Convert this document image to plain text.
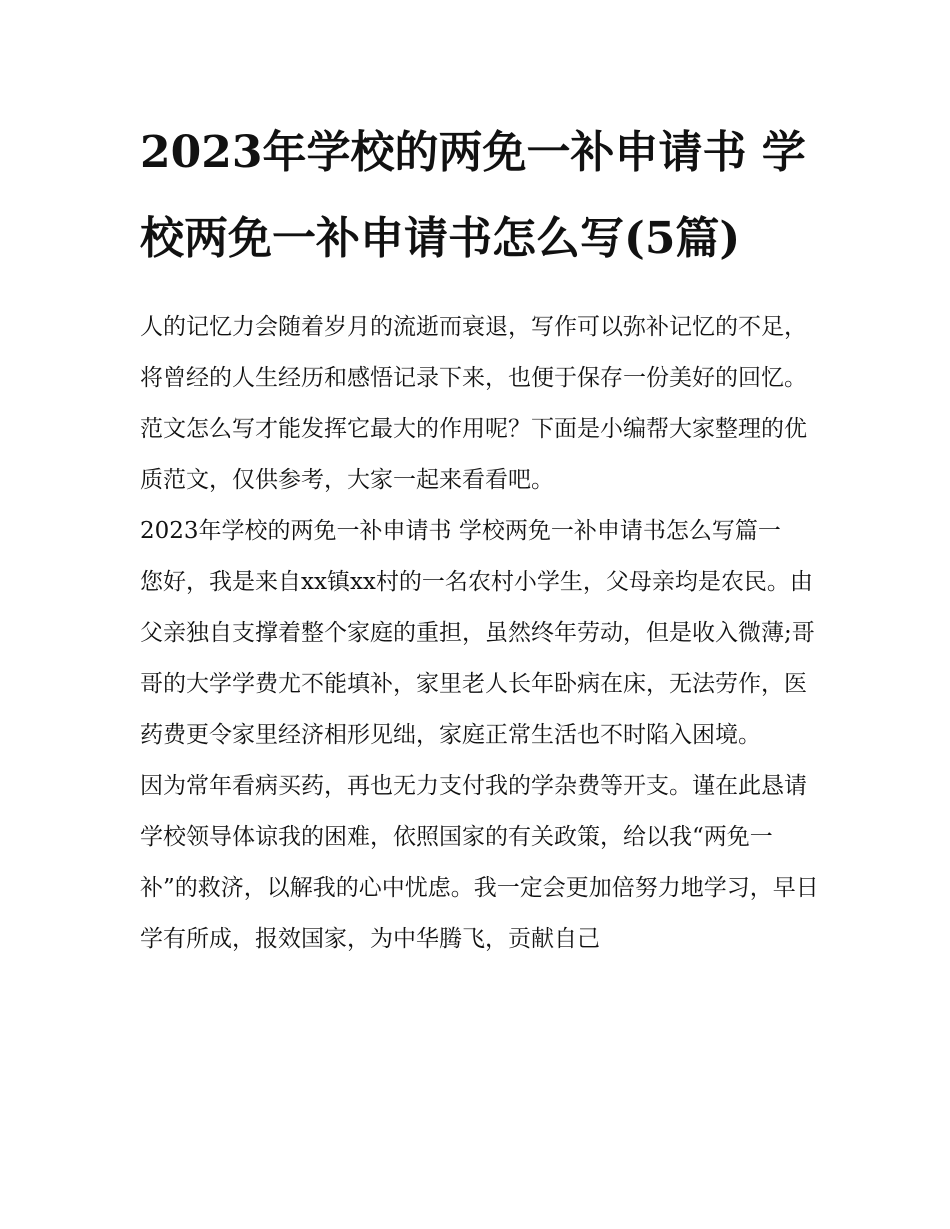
2023年学校的两免一补申请书 学校两免一补申请书怎么写(5篇)

人的记忆力会随着岁月的流逝而衰退，写作可以弥补记忆的不足，将曾经的人生经历和感悟记录下来，也便于保存一份美好的回忆。范文怎么写才能发挥它最大的作用呢？下面是小编帮大家整理的优质范文，仅供参考，大家一起来看看吧。

2023年学校的两免一补申请书 学校两免一补申请书怎么写篇一

您好，我是来自xx镇xx村的一名农村小学生，父母亲均是农民。由父亲独自支撑着整个家庭的重担，虽然终年劳动，但是收入微薄;哥哥的大学学费尤不能填补，家里老人长年卧病在床，无法劳作，医药费更令家里经济相形见绌，家庭正常生活也不时陷入困境。

因为常年看病买药，再也无力支付我的学杂费等开支。谨在此恳请学校领导体谅我的困难，依照国家的有关政策，给以我“两免一补”的救济，以解我的心中忧虑。我一定会更加倍努力地学习，早日学有所成，报效国家，为中华腾飞，贡献自己
